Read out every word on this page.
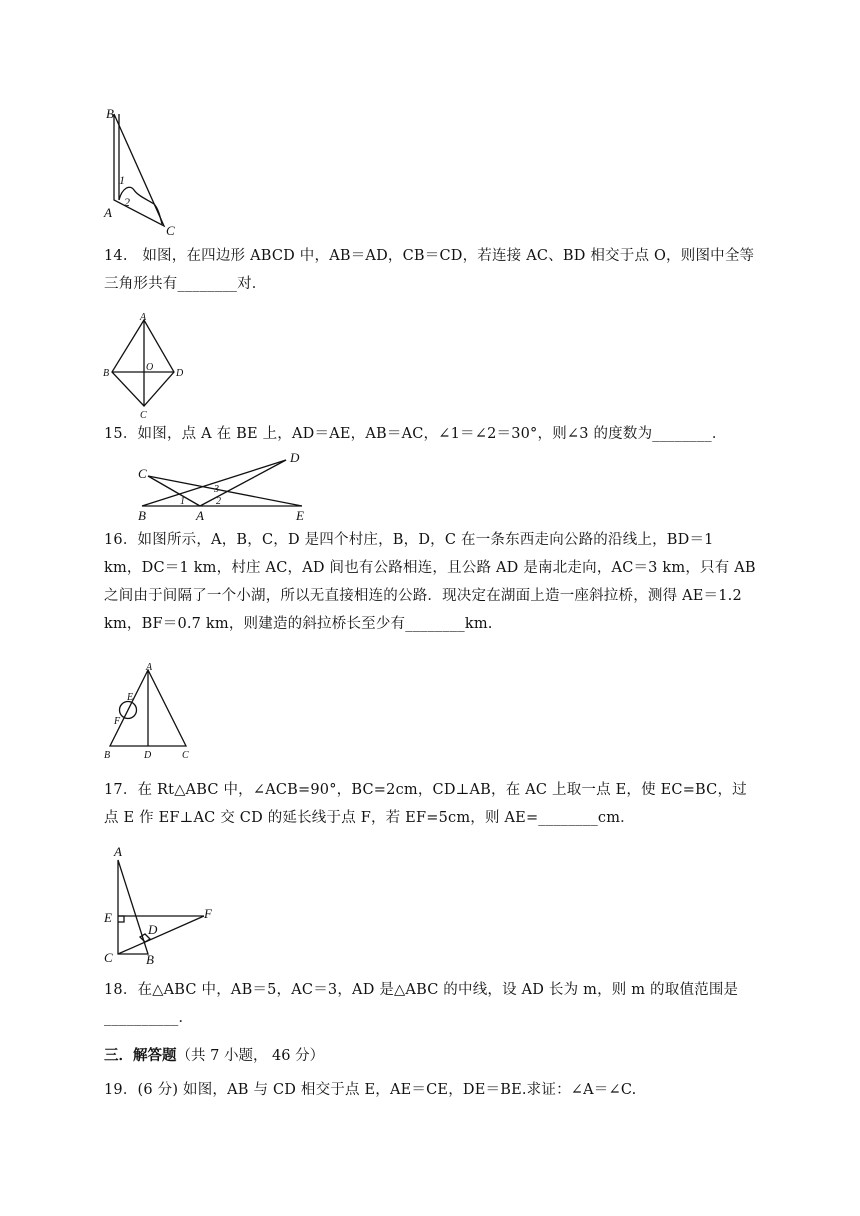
B
A
C
1
2

14.　如图，在四边形 ABCD 中，AB＝AD，CB＝CD，若连接 AC、BD 相交于点 O，则图中全等三角形共有________对．

A
B
C
D
O

15．如图，点 A 在 BE 上，AD＝AE，AB＝AC，∠1＝∠2＝30°，则∠3 的度数为________．

B	A	E
C
D
1	2
3

16．如图所示，A，B，C，D 是四个村庄，B，D，C 在一条东西走向公路的沿线上，BD＝1 km，DC＝1 km，村庄 AC，AD 间也有公路相连，且公路 AD 是南北走向，AC＝3 km，只有 AB 之间由于间隔了一个小湖，所以无直接相连的公路．现决定在湖面上造一座斜拉桥，测得 AE＝1.2 km，BF＝0.7 km，则建造的斜拉桥长至少有________km.

A
E
F
B	D	C

17．在 Rt△ABC 中，∠ACB=90°，BC=2cm，CD⊥AB，在 AC 上取一点 E，使 EC=BC，过点 E 作 EF⊥AC 交 CD 的延长线于点 F，若 EF=5cm，则 AE=________cm．

A
E	F
D
C	B

18．在△ABC 中，AB＝5，AC＝3，AD 是△ABC 的中线，设 AD 长为 m，则 m 的取值范围是__________．

三．解答题（共 7 小题， 46 分）

19．(6 分) 如图，AB 与 CD 相交于点 E，AE＝CE，DE＝BE.求证：∠A＝∠C.
